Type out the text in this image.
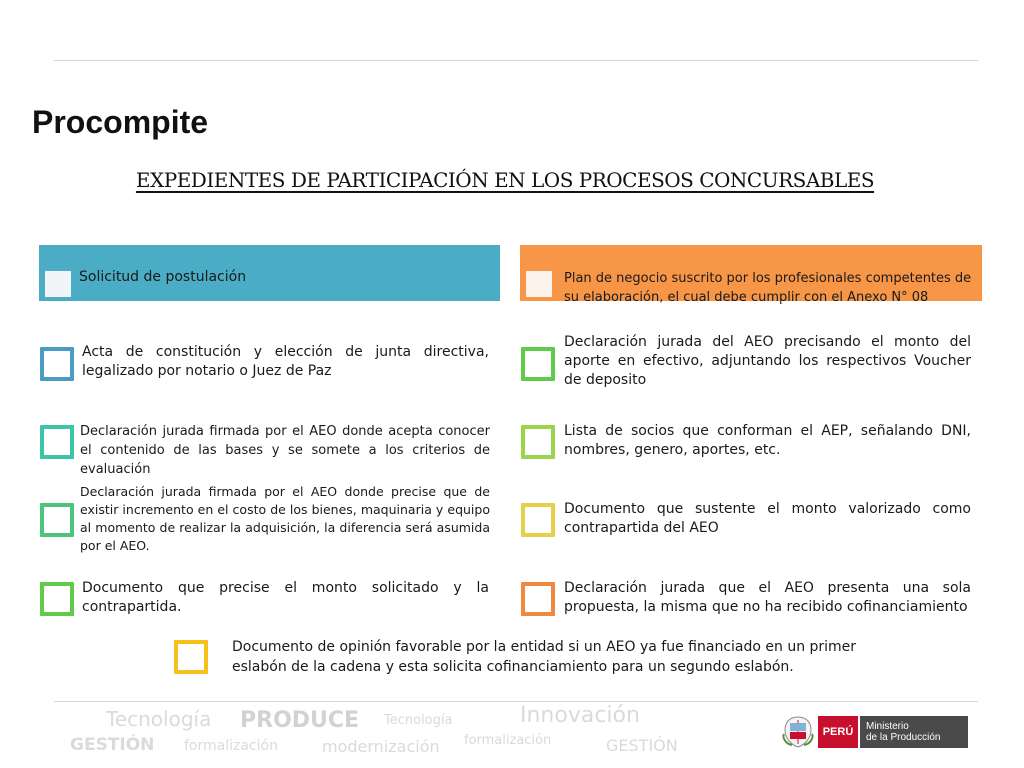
Procompite
EXPEDIENTES DE PARTICIPACIÓN EN LOS PROCESOS CONCURSABLES
Solicitud de postulación	Plan de negocio suscrito por los profesionales competentes de su elaboración, el cual debe cumplir con el Anexo N° 08
Acta de constitución y elección de junta directiva, legalizado por notario o Juez de Paz
Declaración jurada firmada por el AEO donde acepta conocer el contenido de las bases y se somete a los criterios de evaluación
Declaración jurada firmada por el AEO donde precise que de existir incremento en el costo de los bienes, maquinaria y equipo al momento de realizar la adquisición, la diferencia será asumida por el AEO.
Documento que precise el monto solicitado y la contrapartida.
Declaración jurada del AEO precisando el monto del aporte en efectivo, adjuntando los respectivos Voucher de deposito
Lista de socios que conforman el AEP, señalando DNI, nombres, genero, aportes, etc.
Documento que sustente el monto valorizado como contrapartida del AEO
Declaración jurada que el AEO presenta una sola propuesta, la misma que no ha recibido cofinanciamiento
Documento de opinión favorable por la entidad si un AEO ya fue financiado en un primer eslabón de la cadena y esta solicita cofinanciamiento para un segundo eslabón.
Tecnología PRODUCE Tecnología	Innovación
GESTIÓN formalización	modernización formalización	GESTIÓN
PERÚ	Ministerio
de la Producción
